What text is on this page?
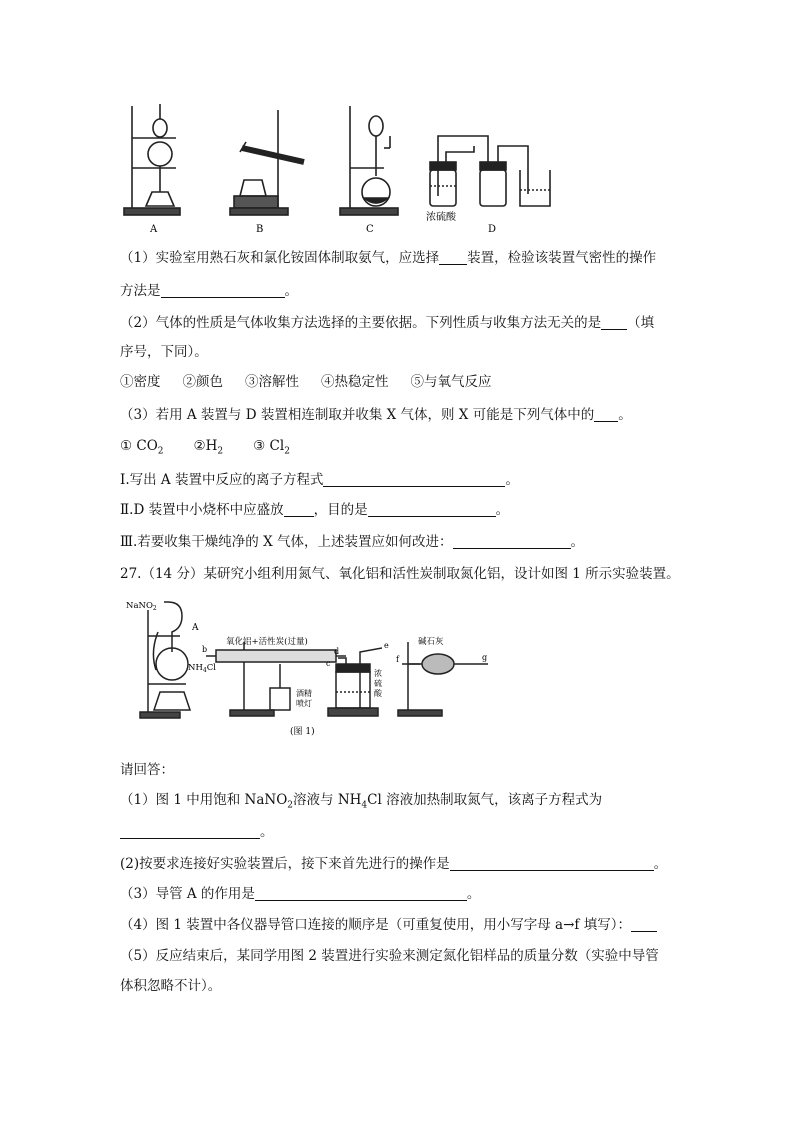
A	B	C	D
浓硫酸
（1）实验室用熟石灰和氯化铵固体制取氨气，应选择 装置，检验该装置气密性的操作
方法是	。
（2）气体的性质是气体收集方法选择的主要依据。下列性质与收集方法无关的是 （填
序号，下同）。
①密度 ②颜色 ③溶解性 ④热稳定性 ⑤与氧气反应
（3）若用 A 装置与 D 装置相连制取并收集 X 气体，则 X 可能是下列气体中的 。
① $CO_2$ $②H_2$ ③ $Cl_2$
Ⅰ.写出 A 装置中反应的离子方程式	。
Ⅱ.D 装置中小烧杯中应盛放 ，目的是	。
Ⅲ.若要收集干燥纯净的 X 气体，上述装置应如何改进：	。
27.（14 分）某研究小组利用氮气、氧化铝和活性炭制取氮化铝，设计如图 1 所示实验装置。
NaNO$_2$
A
$NH_4Cl$
氧化铝+活性炭(过量)
酒精
喷灯
浓
硫
酸
碱石灰
b
c
d
e
f	g
(图 1)
请回答：
（1）图 1 中用饱和 NaNO$_2$溶液与 $NH_4Cl$ 溶液加热制取氮气，该离子方程式为
。
(2)按要求连接好实验装置后，接下来首先进行的操作是	。
（3）导管 A 的作用是	。
（4）图 1 装置中各仪器导管口连接的顺序是（可重复使用，用小写字母 a→f 填写）：
（5）反应结束后，某同学用图 2 装置进行实验来测定氮化铝样品的质量分数（实验中导管
体积忽略不计）。
